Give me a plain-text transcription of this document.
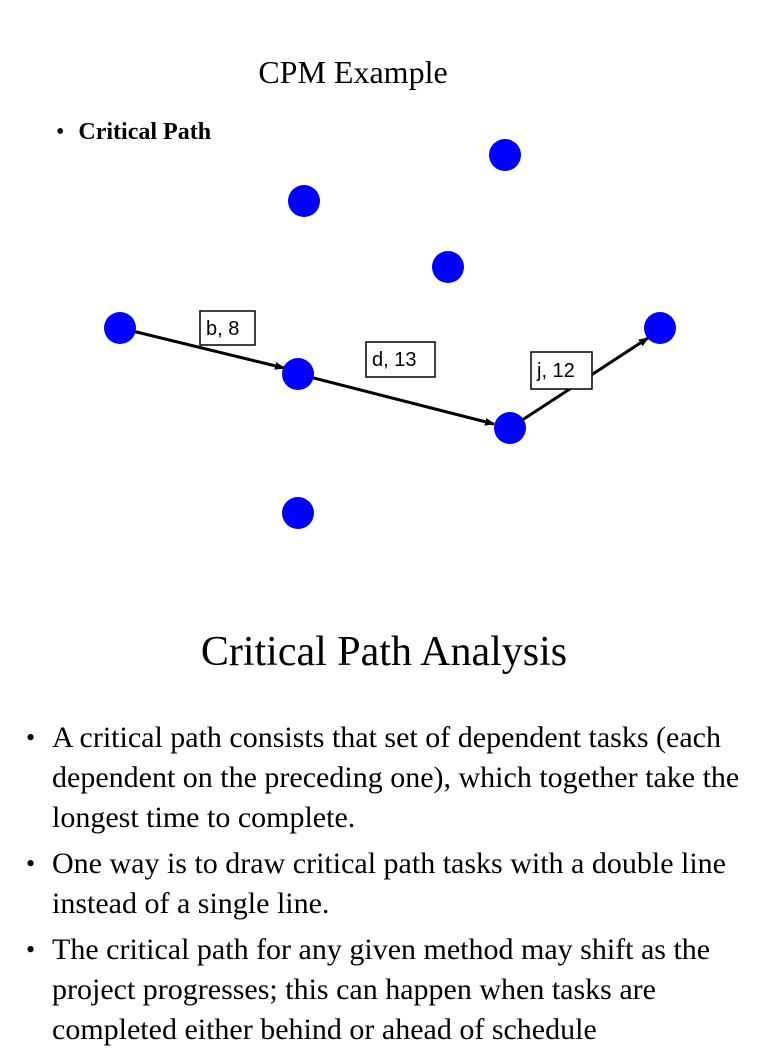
CPM Example
• Critical Path
b, 8
d, 13	j, 12
Critical Path Analysis
• A critical path consists that set of dependent tasks (each dependent on the preceding one), which together take the longest time to complete.
• One way is to draw critical path tasks with a double line instead of a single line.
• The critical path for any given method may shift as the project progresses; this can happen when tasks are completed either behind or ahead of schedule
